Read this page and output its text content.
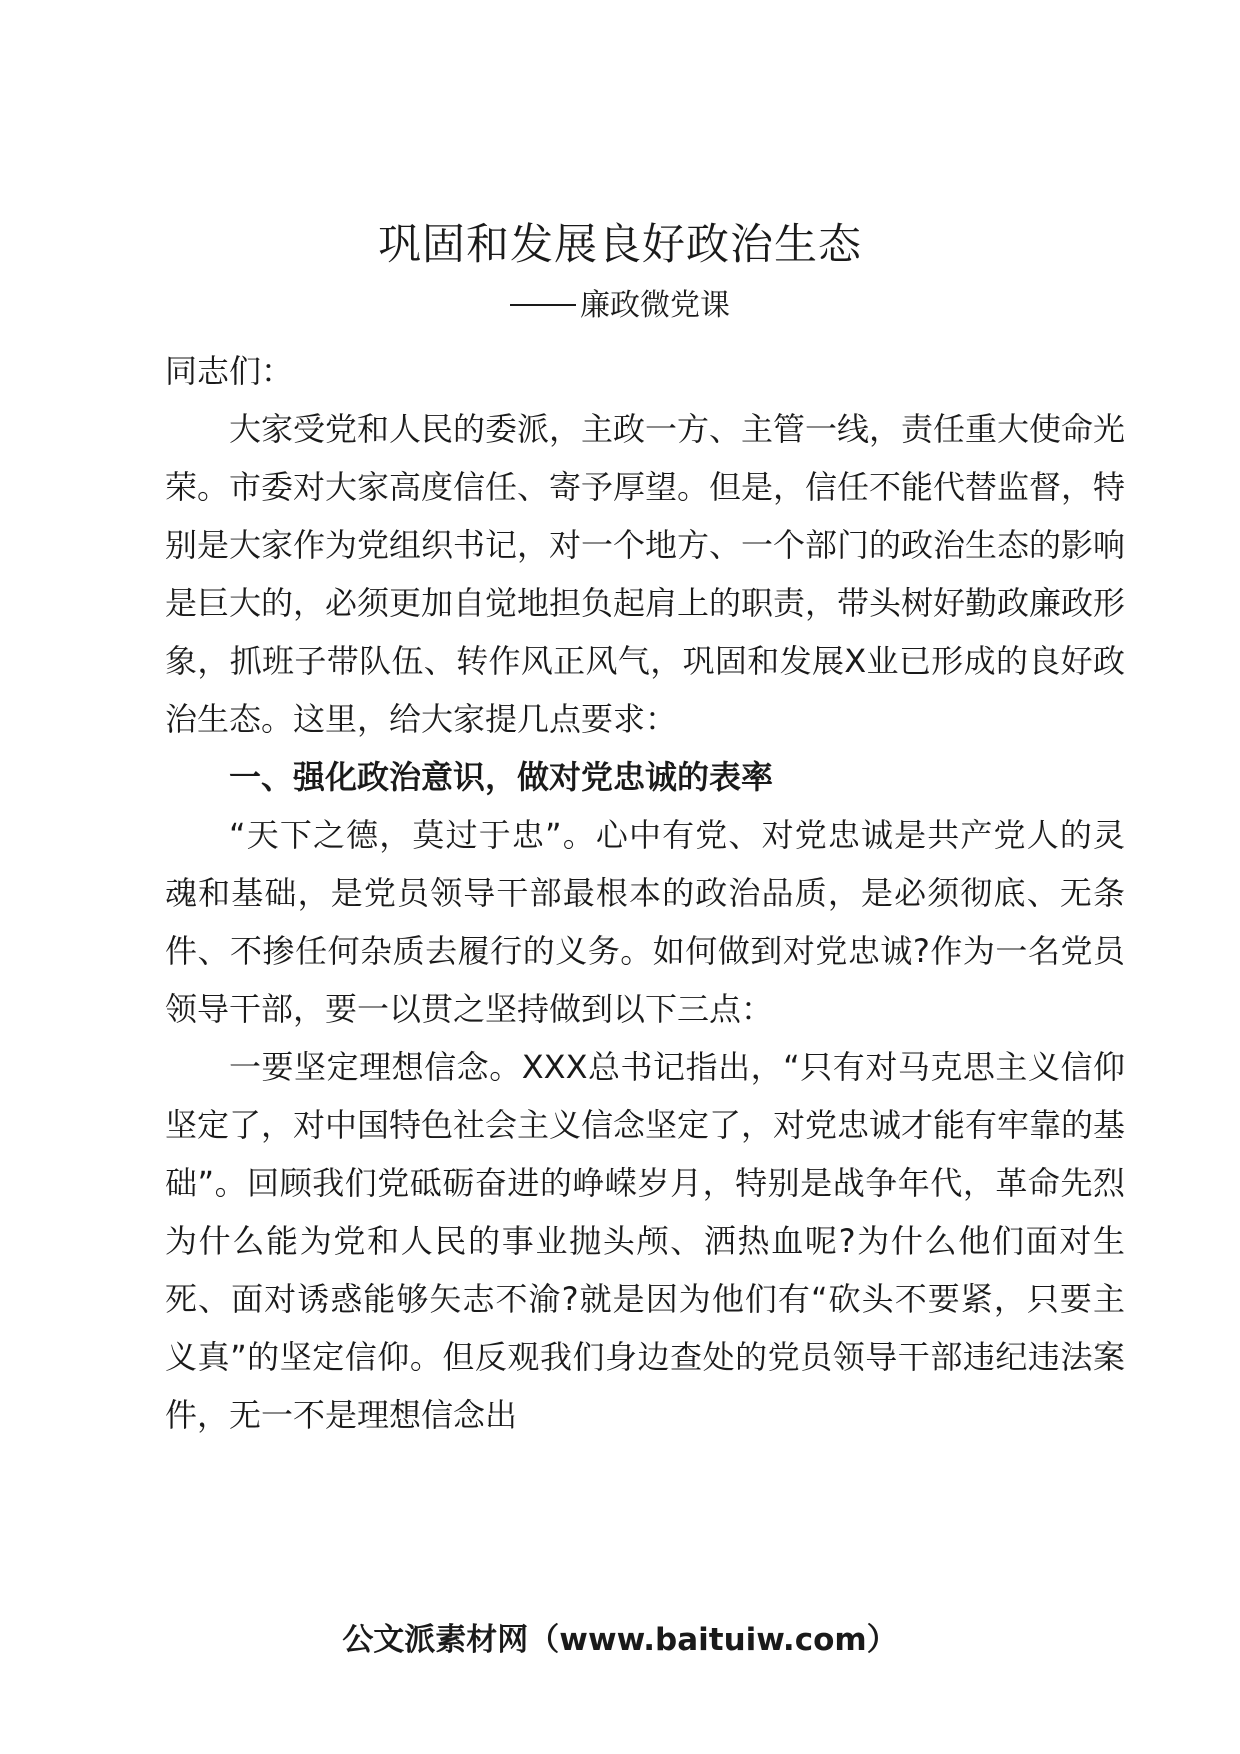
巩固和发展良好政治生态
廉政微党课

同志们：

大家受党和人民的委派，主政一方、主管一线，责任重大使命光荣。市委对大家高度信任、寄予厚望。但是，信任不能代替监督，特别是大家作为党组织书记，对一个地方、一个部门的政治生态的影响是巨大的，必须更加自觉地担负起肩上的职责，带头树好勤政廉政形象，抓班子带队伍、转作风正风气，巩固和发展X业已形成的良好政治生态。这里，给大家提几点要求：

一、强化政治意识，做对党忠诚的表率

“天下之德，莫过于忠”。心中有党、对党忠诚是共产党人的灵魂和基础，是党员领导干部最根本的政治品质，是必须彻底、无条件、不掺任何杂质去履行的义务。如何做到对党忠诚?作为一名党员领导干部，要一以贯之坚持做到以下三点：

一要坚定理想信念。XXX总书记指出，“只有对马克思主义信仰坚定了，对中国特色社会主义信念坚定了，对党忠诚才能有牢靠的基础”。回顾我们党砥砺奋进的峥嵘岁月，特别是战争年代，革命先烈为什么能为党和人民的事业抛头颅、洒热血呢?为什么他们面对生死、面对诱惑能够矢志不渝?就是因为他们有“砍头不要紧，只要主义真”的坚定信仰。但反观我们身边查处的党员领导干部违纪违法案件，无一不是理想信念出

公文派素材网（www.baituiw.com）
